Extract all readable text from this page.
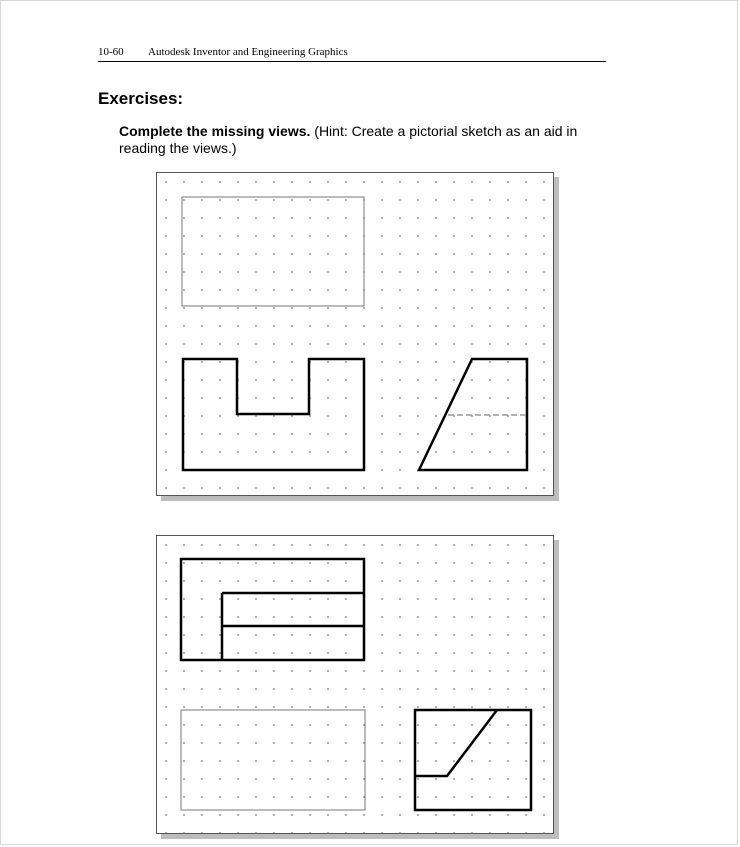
10-60 Autodesk Inventor and Engineering Graphics
Exercises:
Complete the missing views. (Hint: Create a pictorial sketch as an aid in reading the views.)
